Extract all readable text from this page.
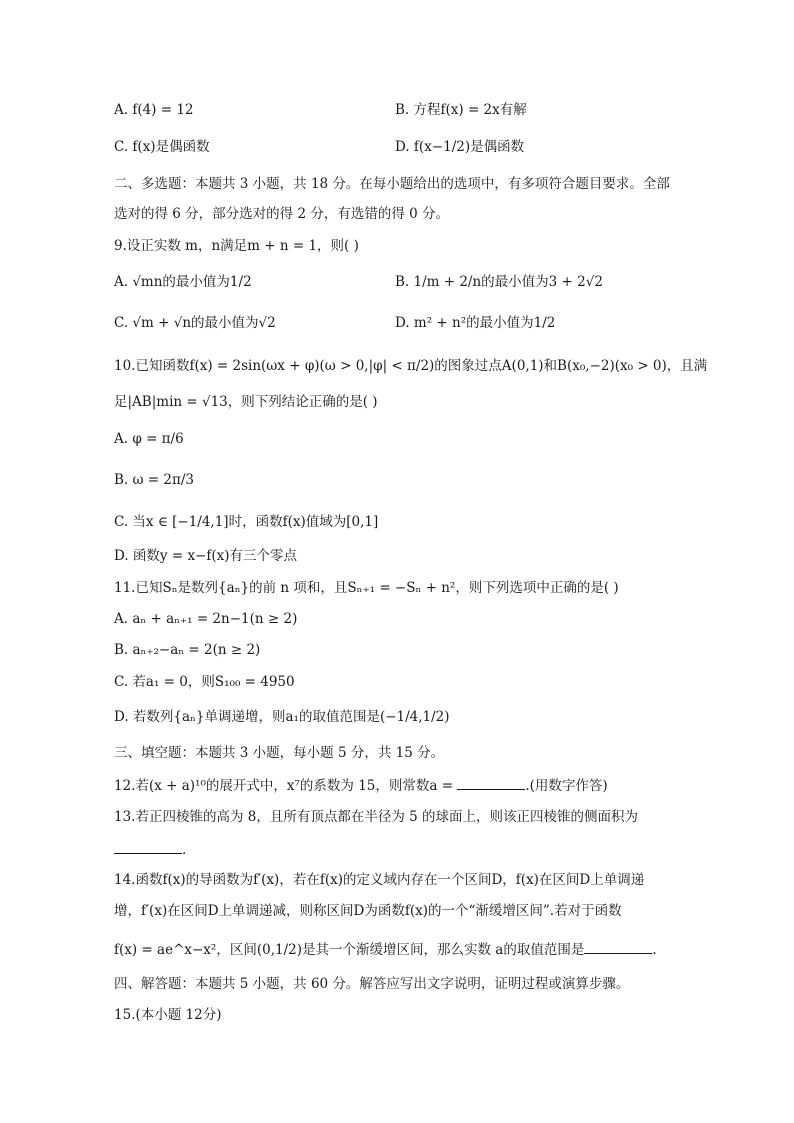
A. f(4) = 12	B. 方程f(x) = 2x有解
C. f(x)是偶函数	D. f(x−1/2)是偶函数
二、多选题：本题共 3 小题，共 18 分。在每小题给出的选项中，有多项符合题目要求。全部
选对的得 6 分，部分选对的得 2 分，有选错的得 0 分。
9.设正实数 m，n满足m + n = 1，则( )
A. √mn的最小值为1/2	B. 1/m + 2/n的最小值为3 + 2√2
C. √m + √n的最小值为√2	D. m² + n²的最小值为1/2
10.已知函数f(x) = 2sin(ωx + φ)(ω > 0,|φ| < π/2)的图象过点A(0,1)和B(x₀,−2)(x₀ > 0)，且满
足|AB|min = √13，则下列结论正确的是( )
A. φ = π/6
B. ω = 2π/3
C. 当x ∈ [−1/4,1]时，函数f(x)值域为[0,1]
D. 函数y = x−f(x)有三个零点
11.已知Sₙ是数列{aₙ}的前 n 项和，且Sₙ₊₁ = −Sₙ + n²，则下列选项中正确的是( )
A. aₙ + aₙ₊₁ = 2n−1(n ≥ 2)
B. aₙ₊₂−aₙ = 2(n ≥ 2)
C. 若a₁ = 0，则S₁₀₀ = 4950
D. 若数列{aₙ}单调递增，则a₁的取值范围是(−1/4,1/2)
三、填空题：本题共 3 小题，每小题 5 分，共 15 分。
12.若(x + a)¹⁰的展开式中，x⁷的系数为 15，则常数a =	.(用数字作答)
13.若正四棱锥的高为 8，且所有顶点都在半径为 5 的球面上，则该正四棱锥的侧面积为
.
14.函数f(x)的导函数为f′(x)，若在f(x)的定义域内存在一个区间D，f(x)在区间D上单调递
增，f′(x)在区间D上单调递减，则称区间D为函数f(x)的一个“渐缓增区间”.若对于函数
f(x) = ae^x−x²，区间(0,1/2)是其一个渐缓增区间，那么实数 a的取值范围是	.
四、解答题：本题共 5 小题，共 60 分。解答应写出文字说明，证明过程或演算步骤。
15.(本小题 12分)
